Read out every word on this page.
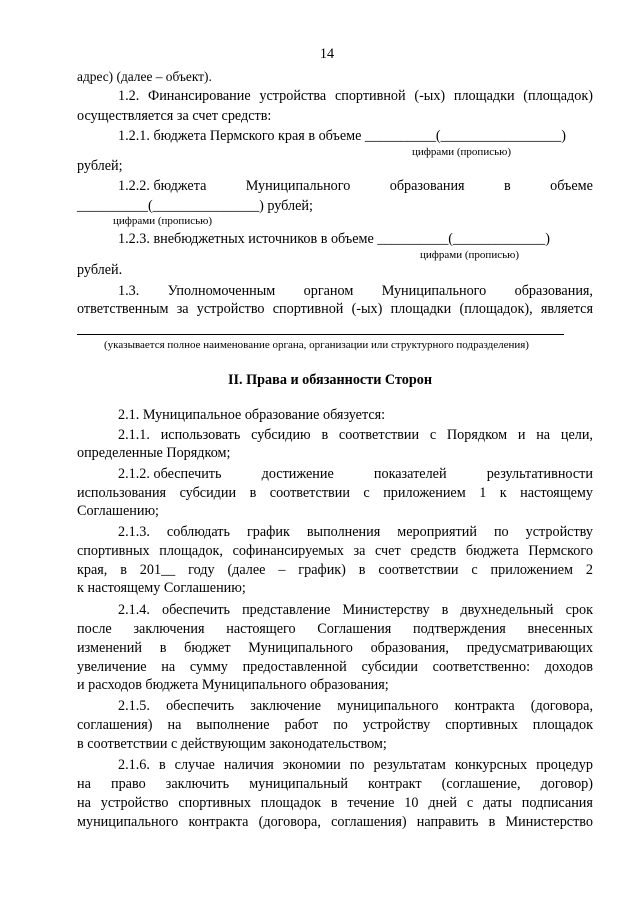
14
адрес) (далее – объект).
1.2. Финансирование устройства спортивной (-ых) площадки (площадок)
осуществляется за счет средств:
1.2.1. бюджета Пермского края в объеме __________(_________________)
цифрами (прописью)
рублей;
1.2.2. бюджета	Муниципального	образования	в	объеме
__________(_______________) рублей;
цифрами (прописью)
1.2.3. внебюджетных источников в объеме __________(_____________)
цифрами (прописью)
рублей.
1.3. Уполномоченным органом Муниципального образования,
ответственным за устройство спортивной (-ых) площадки (площадок), является
(указывается полное наименование органа, организации или структурного подразделения)
II. Права и обязанности Сторон
2.1. Муниципальное образование обязуется:
2.1.1. использовать субсидию в соответствии с Порядком и на цели,
определенные Порядком;
2.1.2. обеспечить	достижение	показателей	результативности
использования субсидии в соответствии с приложением 1 к настоящему
Соглашению;
2.1.3. соблюдать график выполнения мероприятий по устройству
спортивных площадок, софинансируемых за счет средств бюджета Пермского
края, в 201__ году (далее – график) в соответствии с приложением 2
к настоящему Соглашению;
2.1.4. обеспечить представление Министерству в двухнедельный срок
после заключения настоящего Соглашения подтверждения внесенных
изменений в бюджет Муниципального образования, предусматривающих
увеличение на сумму предоставленной субсидии соответственно: доходов
и расходов бюджета Муниципального образования;
2.1.5. обеспечить заключение муниципального контракта (договора,
соглашения) на выполнение работ по устройству спортивных площадок
в соответствии с действующим законодательством;
2.1.6. в случае наличия экономии по результатам конкурсных процедур
на право заключить муниципальный контракт (соглашение, договор)
на устройство спортивных площадок в течение 10 дней с даты подписания
муниципального контракта (договора, соглашения) направить в Министерство
